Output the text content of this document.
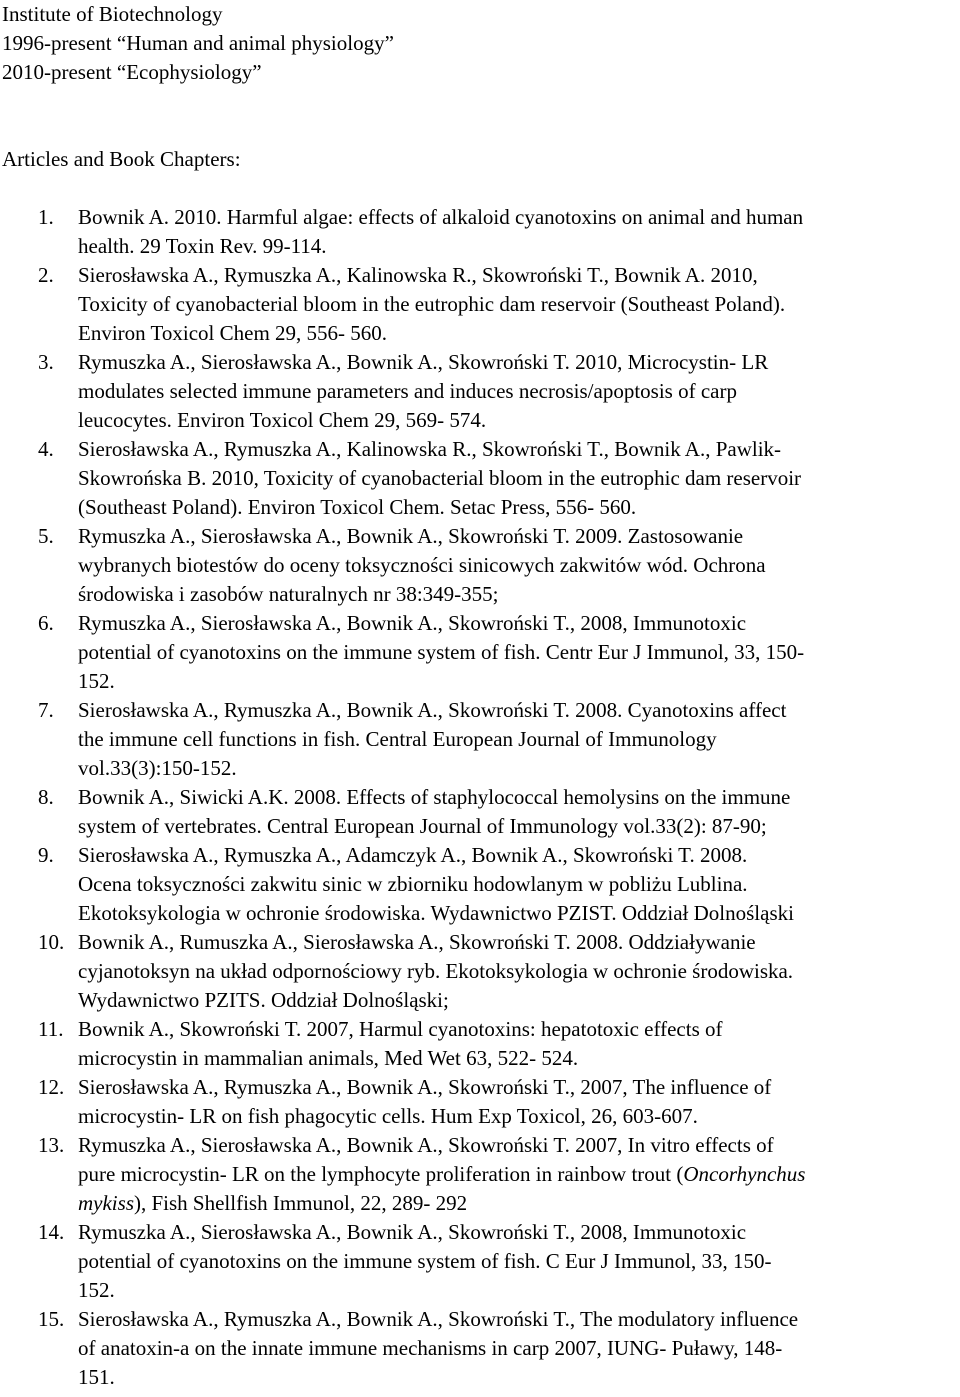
Institute of Biotechnology
1996-present “Human and animal physiology”
2010-present “Ecophysiology”
Articles and Book Chapters:
1. Bownik A. 2010. Harmful algae: effects of alkaloid cyanotoxins on animal and human
health. 29 Toxin Rev. 99-114.
2. Sierosławska A., Rymuszka A., Kalinowska R., Skowroński T., Bownik A. 2010,
Toxicity of cyanobacterial bloom in the eutrophic dam reservoir (Southeast Poland).
Environ Toxicol Chem 29, 556- 560.
3. Rymuszka A., Sierosławska A., Bownik A., Skowroński T. 2010, Microcystin- LR
modulates selected immune parameters and induces necrosis/apoptosis of carp
leucocytes. Environ Toxicol Chem 29, 569- 574.
4. Sierosławska A., Rymuszka A., Kalinowska R., Skowroński T., Bownik A., Pawlik-
Skowrońska B. 2010, Toxicity of cyanobacterial bloom in the eutrophic dam reservoir
(Southeast Poland). Environ Toxicol Chem. Setac Press, 556- 560.
5. Rymuszka A., Sierosławska A., Bownik A., Skowroński T. 2009. Zastosowanie
wybranych biotestów do oceny toksyczności sinicowych zakwitów wód. Ochrona
środowiska i zasobów naturalnych nr 38:349-355;
6. Rymuszka A., Sierosławska A., Bownik A., Skowroński T., 2008, Immunotoxic
potential of cyanotoxins on the immune system of fish. Centr Eur J Immunol, 33, 150-
152.
7. Sierosławska A., Rymuszka A., Bownik A., Skowroński T. 2008. Cyanotoxins affect
the immune cell functions in fish. Central European Journal of Immunology
vol.33(3):150-152.
8. Bownik A., Siwicki A.K. 2008. Effects of staphylococcal hemolysins on the immune
system of vertebrates. Central European Journal of Immunology vol.33(2): 87-90;
9. Sierosławska A., Rymuszka A., Adamczyk A., Bownik A., Skowroński T. 2008.
Ocena toksyczności zakwitu sinic w zbiorniku hodowlanym w pobliżu Lublina.
Ekotoksykologia w ochronie środowiska. Wydawnictwo PZIST. Oddział Dolnośląski
10. Bownik A., Rumuszka A., Sierosławska A., Skowroński T. 2008. Oddziaływanie
cyjanotoksyn na układ odpornościowy ryb. Ekotoksykologia w ochronie środowiska.
Wydawnictwo PZITS. Oddział Dolnośląski;
11. Bownik A., Skowroński T. 2007, Harmul cyanotoxins: hepatotoxic effects of
microcystin in mammalian animals, Med Wet 63, 522- 524.
12. Sierosławska A., Rymuszka A., Bownik A., Skowroński T., 2007, The influence of
microcystin- LR on fish phagocytic cells. Hum Exp Toxicol, 26, 603-607.
13. Rymuszka A., Sierosławska A., Bownik A., Skowroński T. 2007, In vitro effects of
pure microcystin- LR on the lymphocyte proliferation in rainbow trout (Oncorhynchus
mykiss), Fish Shellfish Immunol, 22, 289- 292
14. Rymuszka A., Sierosławska A., Bownik A., Skowroński T., 2008, Immunotoxic
potential of cyanotoxins on the immune system of fish. C Eur J Immunol, 33, 150-
152.
15. Sierosławska A., Rymuszka A., Bownik A., Skowroński T., The modulatory influence
of anatoxin-a on the innate immune mechanisms in carp 2007, IUNG- Puławy, 148-
151.
